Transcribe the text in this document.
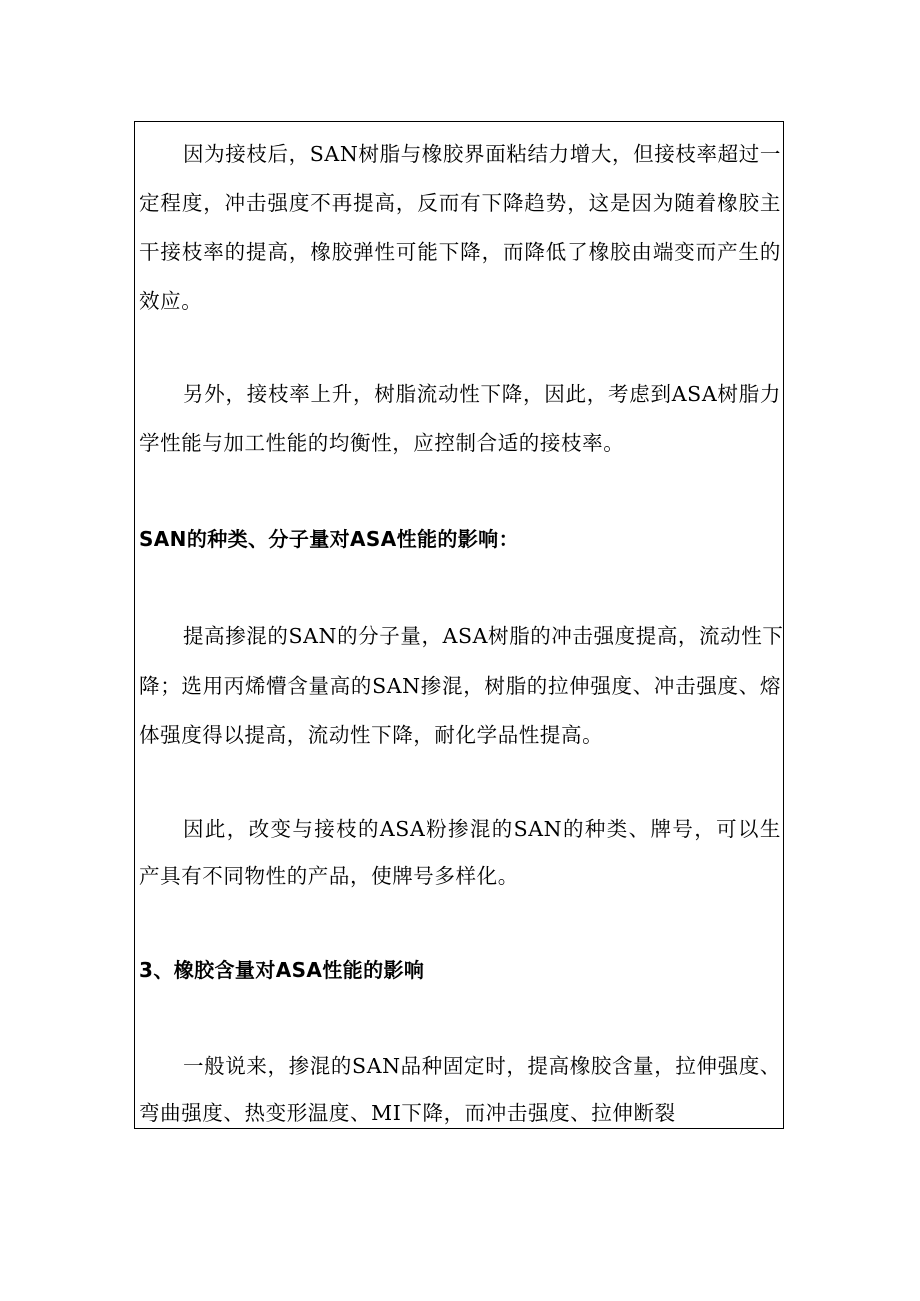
因为接枝后，SAN树脂与橡胶界面粘结力增大，但接枝率超过一
定程度，冲击强度不再提高，反而有下降趋势，这是因为随着橡胶主
干接枝率的提高，橡胶弹性可能下降，而降低了橡胶由端变而产生的
效应。
另外，接枝率上升，树脂流动性下降，因此，考虑到ASA树脂力
学性能与加工性能的均衡性，应控制合适的接枝率。
SAN的种类、分子量对ASA性能的影响：
提高掺混的SAN的分子量，ASA树脂的冲击强度提高，流动性下
降；选用丙烯懵含量高的SAN掺混，树脂的拉伸强度、冲击强度、熔
体强度得以提高，流动性下降，耐化学品性提高。
因此，改变与接枝的ASA粉掺混的SAN的种类、牌号，可以生
产具有不同物性的产品，使牌号多样化。
3、橡胶含量对ASA性能的影响
一般说来，掺混的SAN品种固定时，提高橡胶含量，拉伸强度、
弯曲强度、热变形温度、MI下降，而冲击强度、拉伸断裂
